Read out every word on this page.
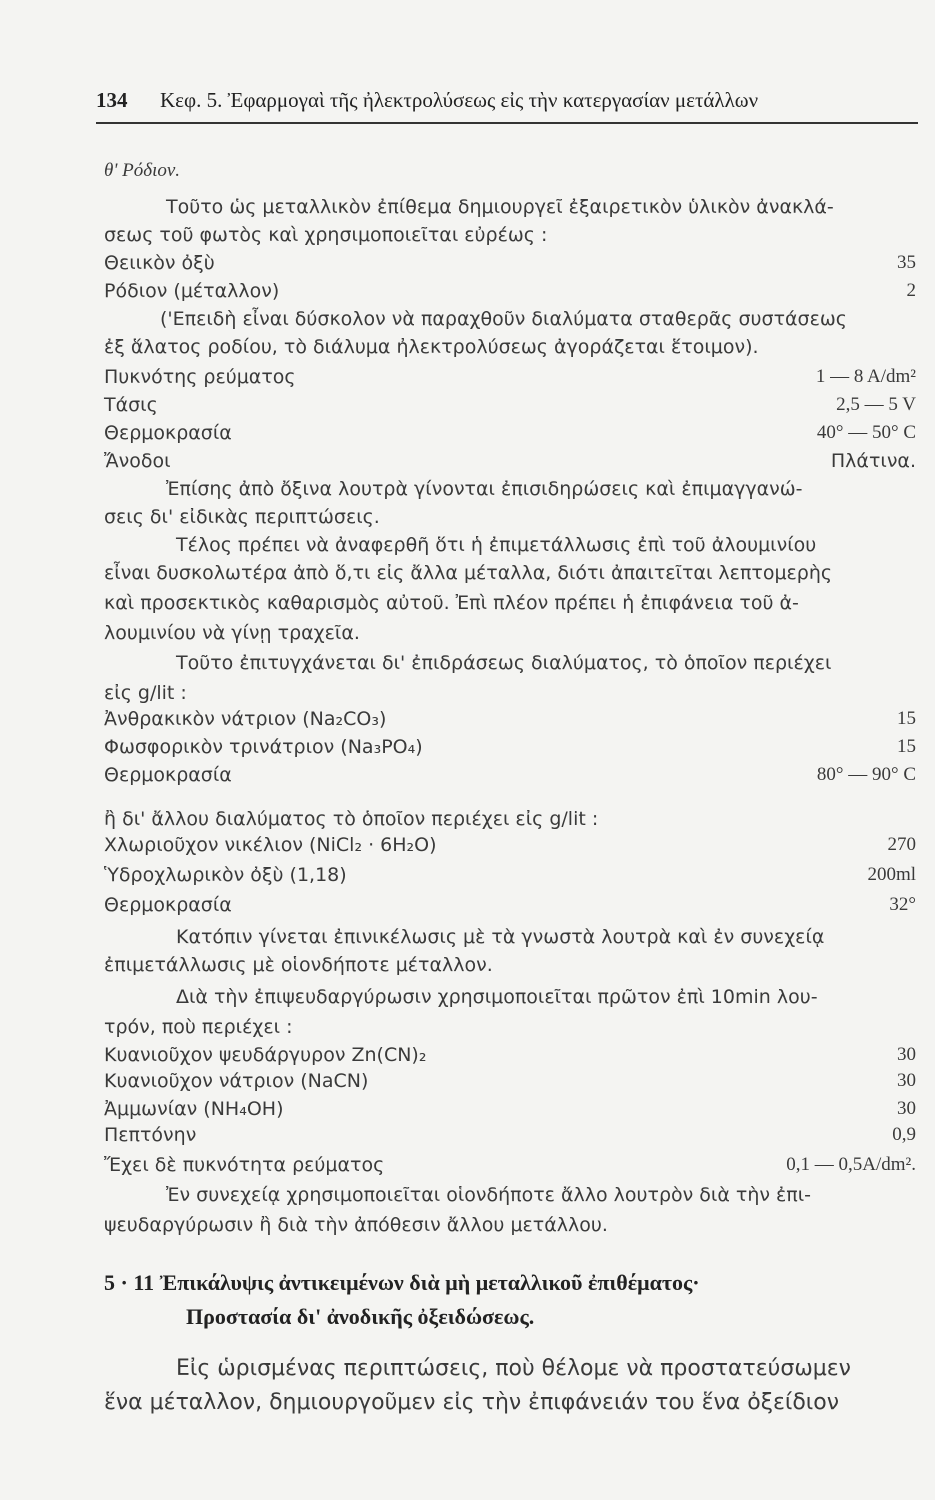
134 Κεφ. 5. Ἐφαρμογαὶ τῆς ἠλεκτρολύσεως εἰς τὴν κατεργασίαν μετάλλων
θ' Ρόδιον.
Τοῦτο ὡς μεταλλικὸν ἐπίθεμα δημιουργεῖ ἐξαιρετικὸν ὑλικὸν ἀνακλά-
σεως τοῦ φωτὸς καὶ χρησιμοποιεῖται εὐρέως :
Θειικὸν ὀξὺ	35
Ρόδιον (μέταλλον)	2
('Επειδὴ εἶναι δύσκολον νὰ παραχθοῦν διαλύματα σταθερᾶς συστάσεως
ἐξ ἅλατος ροδίου, τὸ διάλυμα ἠλεκτρολύσεως ἀγοράζεται ἕτοιμον).
Πυκνότης ρεύματος	1 — 8 A/dm²
Τάσις	2,5 — 5 V
Θερμοκρασία	40° — 50° C
Ἄνοδοι	Πλάτινα.
Ἐπίσης ἀπὸ ὄξινα λουτρὰ γίνονται ἐπισιδηρώσεις καὶ ἐπιμαγγανώ-
σεις δι' εἰδικὰς περιπτώσεις.
Τέλος πρέπει νὰ ἀναφερθῆ ὅτι ἡ ἐπιμετάλλωσις ἐπὶ τοῦ ἀλουμινίου
εἶναι δυσκολωτέρα ἀπὸ ὅ,τι εἰς ἄλλα μέταλλα, διότι ἀπαιτεῖται λεπτομερὴς
καὶ προσεκτικὸς καθαρισμὸς αὐτοῦ. Ἐπὶ πλέον πρέπει ἡ ἐπιφάνεια τοῦ ἀ-
λουμινίου νὰ γίνῃ τραχεῖα.
Τοῦτο ἐπιτυγχάνεται δι' ἐπιδράσεως διαλύματος, τὸ ὁποῖον περιέχει
εἰς g/lit :
Ἀνθρακικὸν νάτριον (Na₂CO₃)	15
Φωσφορικὸν τρινάτριον (Na₃PO₄)	15
Θερμοκρασία	80° — 90° C
ἢ δι' ἄλλου διαλύματος τὸ ὁποῖον περιέχει εἰς g/lit :
Χλωριοῦχον νικέλιον (NiCl₂ · 6H₂O)	270
Ὑδροχλωρικὸν ὀξὺ (1,18)	200ml
Θερμοκρασία	32°
Κατόπιν γίνεται ἐπινικέλωσις μὲ τὰ γνωστὰ λουτρὰ καὶ ἐν συνεχείᾳ
ἐπιμετάλλωσις μὲ οἱονδήποτε μέταλλον.
Διὰ τὴν ἐπιψευδαργύρωσιν χρησιμοποιεῖται πρῶτον ἐπὶ 10min λου-
τρόν, ποὺ περιέχει :
Κυανιοῦχον ψευδάργυρον Zn(CN)₂	30
Κυανιοῦχον νάτριον (NaCN)	30
Ἀμμωνίαν (NH₄OH)	30
Πεπτόνην	0,9
Ἔχει δὲ πυκνότητα ρεύματος	0,1 — 0,5A/dm².
Ἐν συνεχείᾳ χρησιμοποιεῖται οἱονδήποτε ἄλλο λουτρὸν διὰ τὴν ἐπι-
ψευδαργύρωσιν ἢ διὰ τὴν ἀπόθεσιν ἄλλου μετάλλου.
5 · 11 Ἐπικάλυψις ἀντικειμένων διὰ μὴ μεταλλικοῦ ἐπιθέματος·
Προστασία δι' ἀνοδικῆς ὀξειδώσεως.
Εἰς ὡρισμένας περιπτώσεις, ποὺ θέλομε νὰ προστατεύσωμεν
ἕνα μέταλλον, δημιουργοῦμεν εἰς τὴν ἐπιφάνειάν του ἕνα ὀξείδιον
